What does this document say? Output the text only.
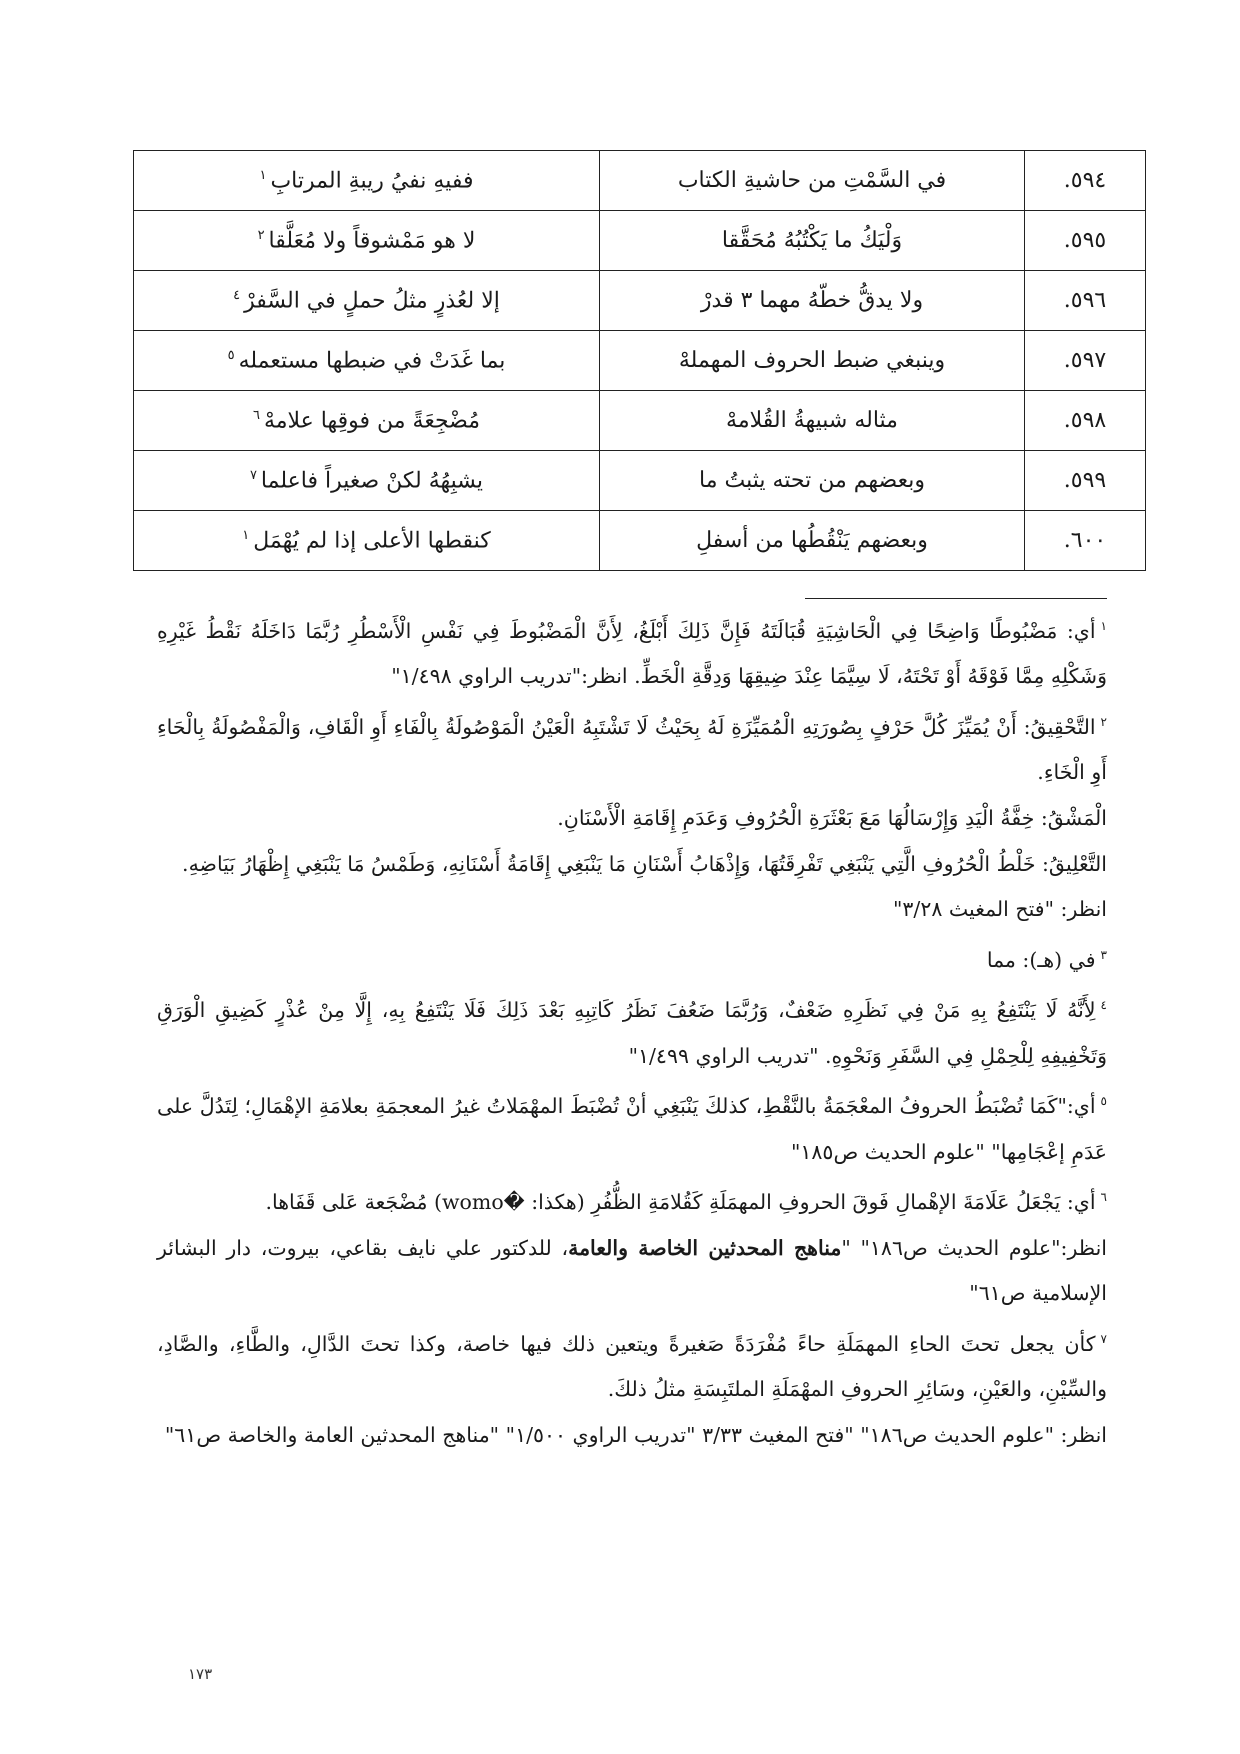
٥٩٤.	في السَّمْتِ من حاشيةِ الكتاب	ففيهِ نفيُ ريبةِ المرتابِ$^١$
٥٩٥.	وَلْيَكُ ما يَكْتُبُهُ مُحَقَّقا	لا هو مَمْشوقاً ولا مُعَلَّقا$^٢$
٥٩٦.	ولا يدقُّ خطّهُ مهما ٣ قدرْ	إلا لعُذرٍ مثلُ حملٍ في السَّفرْ$^٤$
٥٩٧.	وينبغي ضبط الحروف المهملهْ	بما غَدَتْ في ضبطها مستعمله$^٥$
٥٩٨.	مثاله شبيهةُ القُلامهْ	مُضْجِعَةً من فوقِها علامهْ$^٦$
٥٩٩.	وبعضهم من تحته يثبتُ ما	يشبِهُهُ لكنْ صغيراً فاعلما$^٧$
٦٠٠.	وبعضهم يَنْقُطُها من أسفلِ	كنقطها الأعلى إذا لم يُهْمَل$^١$

$^١$أي: مَضْبُوطًا وَاضِحًا فِي الْحَاشِيَةِ قُبَالَتَهُ فَإِنَّ ذَلِكَ أَبْلَغُ، لِأَنَّ الْمَضْبُوطَ فِي نَفْسِ الْأَسْطُرِ رُبَّمَا دَاخَلَهُ نَقْطُ غَيْرِهِ وَشَكْلِهِ مِمَّا فَوْقَهُ أَوْ تَحْتَهُ، لَا سِيَّمَا عِنْدَ ضِيقِهَا وَدِقَّةِ الْخَطِّ. انظر:"تدريب الراوي ١/٤٩٨"

$^٢$التَّحْقِيقُ: أَنْ يُمَيِّزَ كُلَّ حَرْفٍ بِصُورَتِهِ الْمُمَيِّزَةِ لَهُ بِحَيْثُ لَا تَشْتَبِهُ الْعَيْنُ الْمَوْصُولَةُ بِالْفَاءِ أَوِ الْقَافِ، وَالْمَفْصُولَةُ بِالْحَاءِ أَوِ الْخَاءِ.

الْمَشْقُ: خِفَّةُ الْيَدِ وَإِرْسَالُهَا مَعَ بَعْثَرَةِ الْحُرُوفِ وَعَدَمِ إِقَامَةِ الْأَسْنَانِ.

التَّعْلِيقُ: خَلْطُ الْحُرُوفِ الَّتِي يَنْبَغِي تَفْرِقَتُهَا، وَإِذْهَابُ أَسْنَانِ مَا يَنْبَغِي إِقَامَةُ أَسْنَانِهِ، وَطَمْسُ مَا يَنْبَغِي إِظْهَارُ بَيَاضِهِ.

انظر: "فتح المغيث ٣/٢٨"

$^٣$في (هـ): مما

$^٤$لِأَنَّهُ لَا يَنْتَفِعُ بِهِ مَنْ فِي نَظَرِهِ ضَعْفٌ، وَرُبَّمَا ضَعُفَ نَظَرُ كَاتِبِهِ بَعْدَ ذَلِكَ فَلَا يَنْتَفِعُ بِهِ، إِلَّا مِنْ عُذْرٍ كَضِيقِ الْوَرَقِ وَتَخْفِيفِهِ لِلْحِمْلِ فِي السَّفَرِ وَنَحْوِهِ. "تدريب الراوي ١/٤٩٩"

$^٥$أي:"كَمَا تُضْبَطُ الحروفُ المعْجَمَةُ بالنَّقْطِ، كذلكَ يَنْبَغِي أنْ تُضْبَطَ المهْمَلاتُ غيرُ المعجمَةِ بعلامَةِ الإهْمَالِ؛ لِتَدُلَّ على عَدَمِ إعْجَامِها" "علوم الحديث ص١٨٥"

$^٦$أي: يَجْعَلُ عَلَامَةَ الإهْمالِ فَوقَ الحروفِ المهمَلَةِ كَقُلامَةِ الظُّفُرِ (هكذا: �womo) مُضْجَعة عَلى قَفَاها.

انظر:"علوم الحديث ص١٨٦" "مناهج المحدثين الخاصة والعامة، للدكتور علي نايف بقاعي، بيروت، دار البشائر الإسلامية ص٦١"

$^٧$كأن يجعل تحتَ الحاءِ المهمَلَةِ حاءً مُفْرَدَةً صَغيرةً ويتعين ذلك فيها خاصة، وكذا تحتَ الدَّالِ، والطَّاءِ، والصَّادِ، والسِّيْنِ، والعَيْنِ، وسَائِرِ الحروفِ المهْمَلَةِ الملتَبِسَةِ مثلُ ذلكَ.

انظر: "علوم الحديث ص١٨٦" "فتح المغيث ٣/٣٣ "تدريب الراوي ١/٥٠٠" "مناهج المحدثين العامة والخاصة ص٦١"

١٧٣
